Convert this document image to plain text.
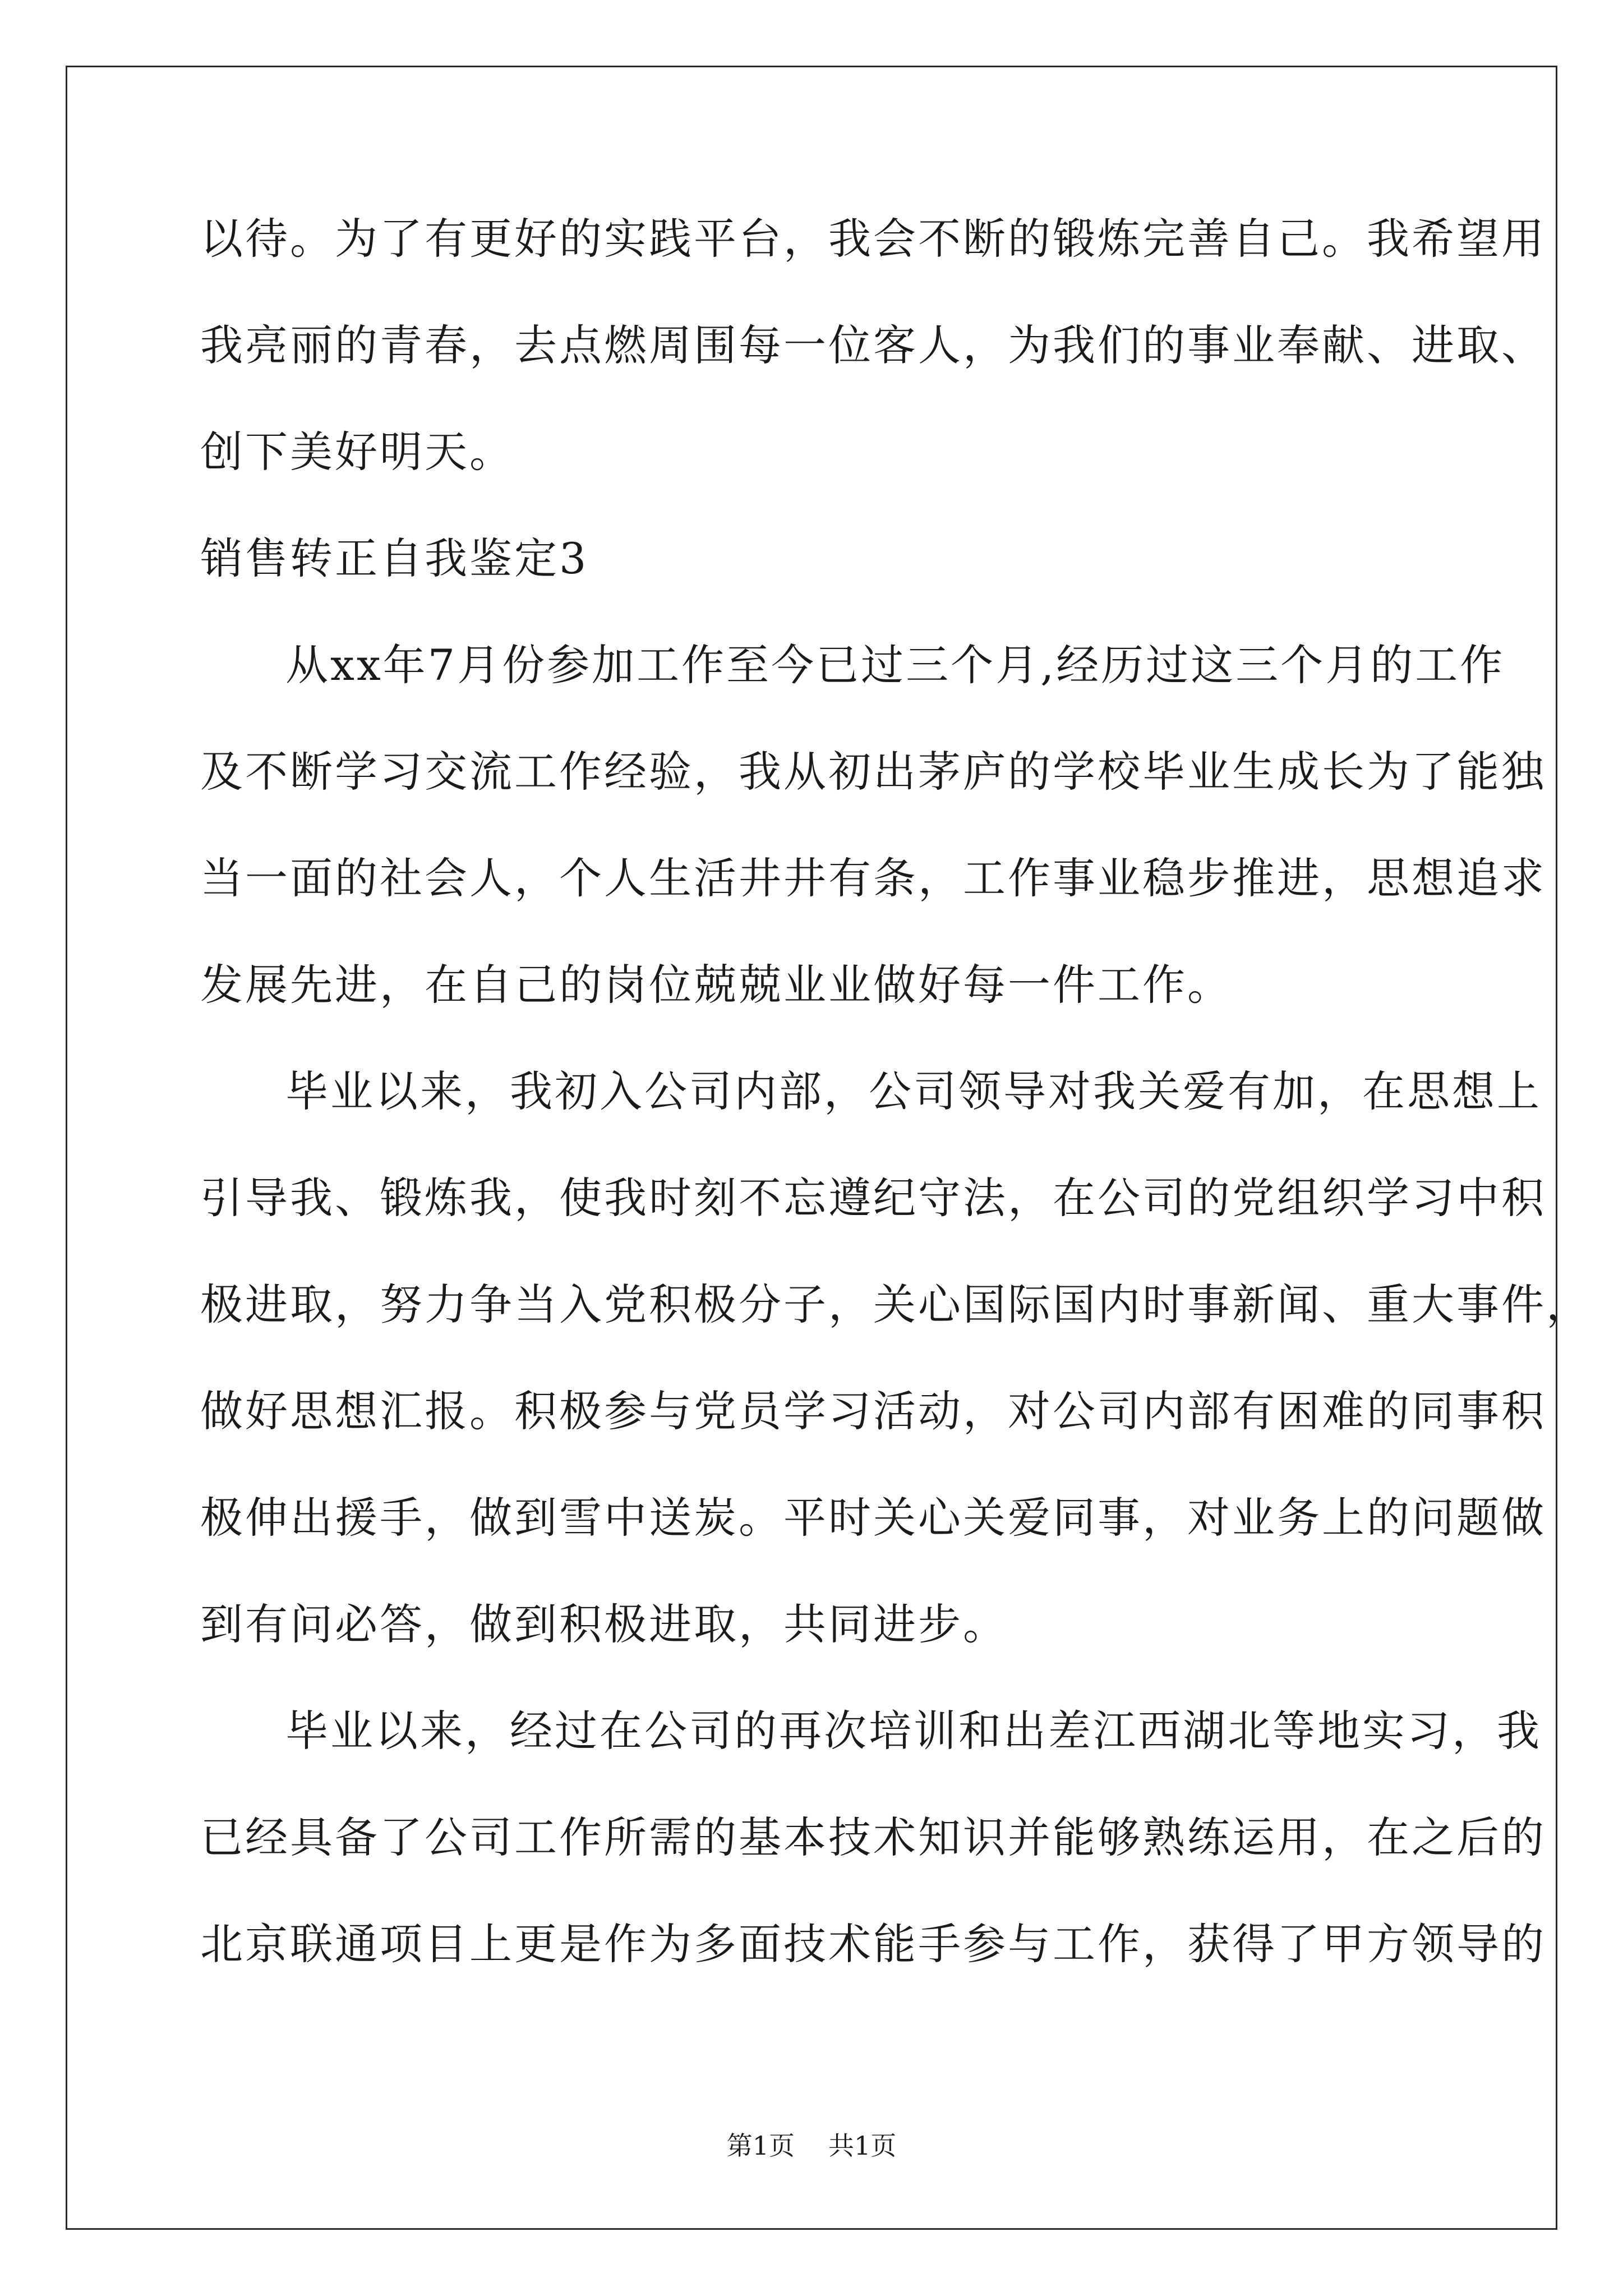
以待。为了有更好的实践平台，我会不断的锻炼完善自己。我希望用
我亮丽的青春，去点燃周围每一位客人，为我们的事业奉献、进取、
创下美好明天。
销售转正自我鉴定3
从xx年7月份参加工作至今已过三个月,经历过这三个月的工作
及不断学习交流工作经验，我从初出茅庐的学校毕业生成长为了能独
当一面的社会人，个人生活井井有条，工作事业稳步推进，思想追求
发展先进，在自己的岗位兢兢业业做好每一件工作。
毕业以来，我初入公司内部，公司领导对我关爱有加，在思想上
引导我、锻炼我，使我时刻不忘遵纪守法，在公司的党组织学习中积
极进取，努力争当入党积极分子，关心国际国内时事新闻、重大事件，
做好思想汇报。积极参与党员学习活动，对公司内部有困难的同事积
极伸出援手，做到雪中送炭。平时关心关爱同事，对业务上的问题做
到有问必答，做到积极进取，共同进步。
毕业以来，经过在公司的再次培训和出差江西湖北等地实习，我
已经具备了公司工作所需的基本技术知识并能够熟练运用，在之后的
北京联通项目上更是作为多面技术能手参与工作，获得了甲方领导的
第1页 共1页
